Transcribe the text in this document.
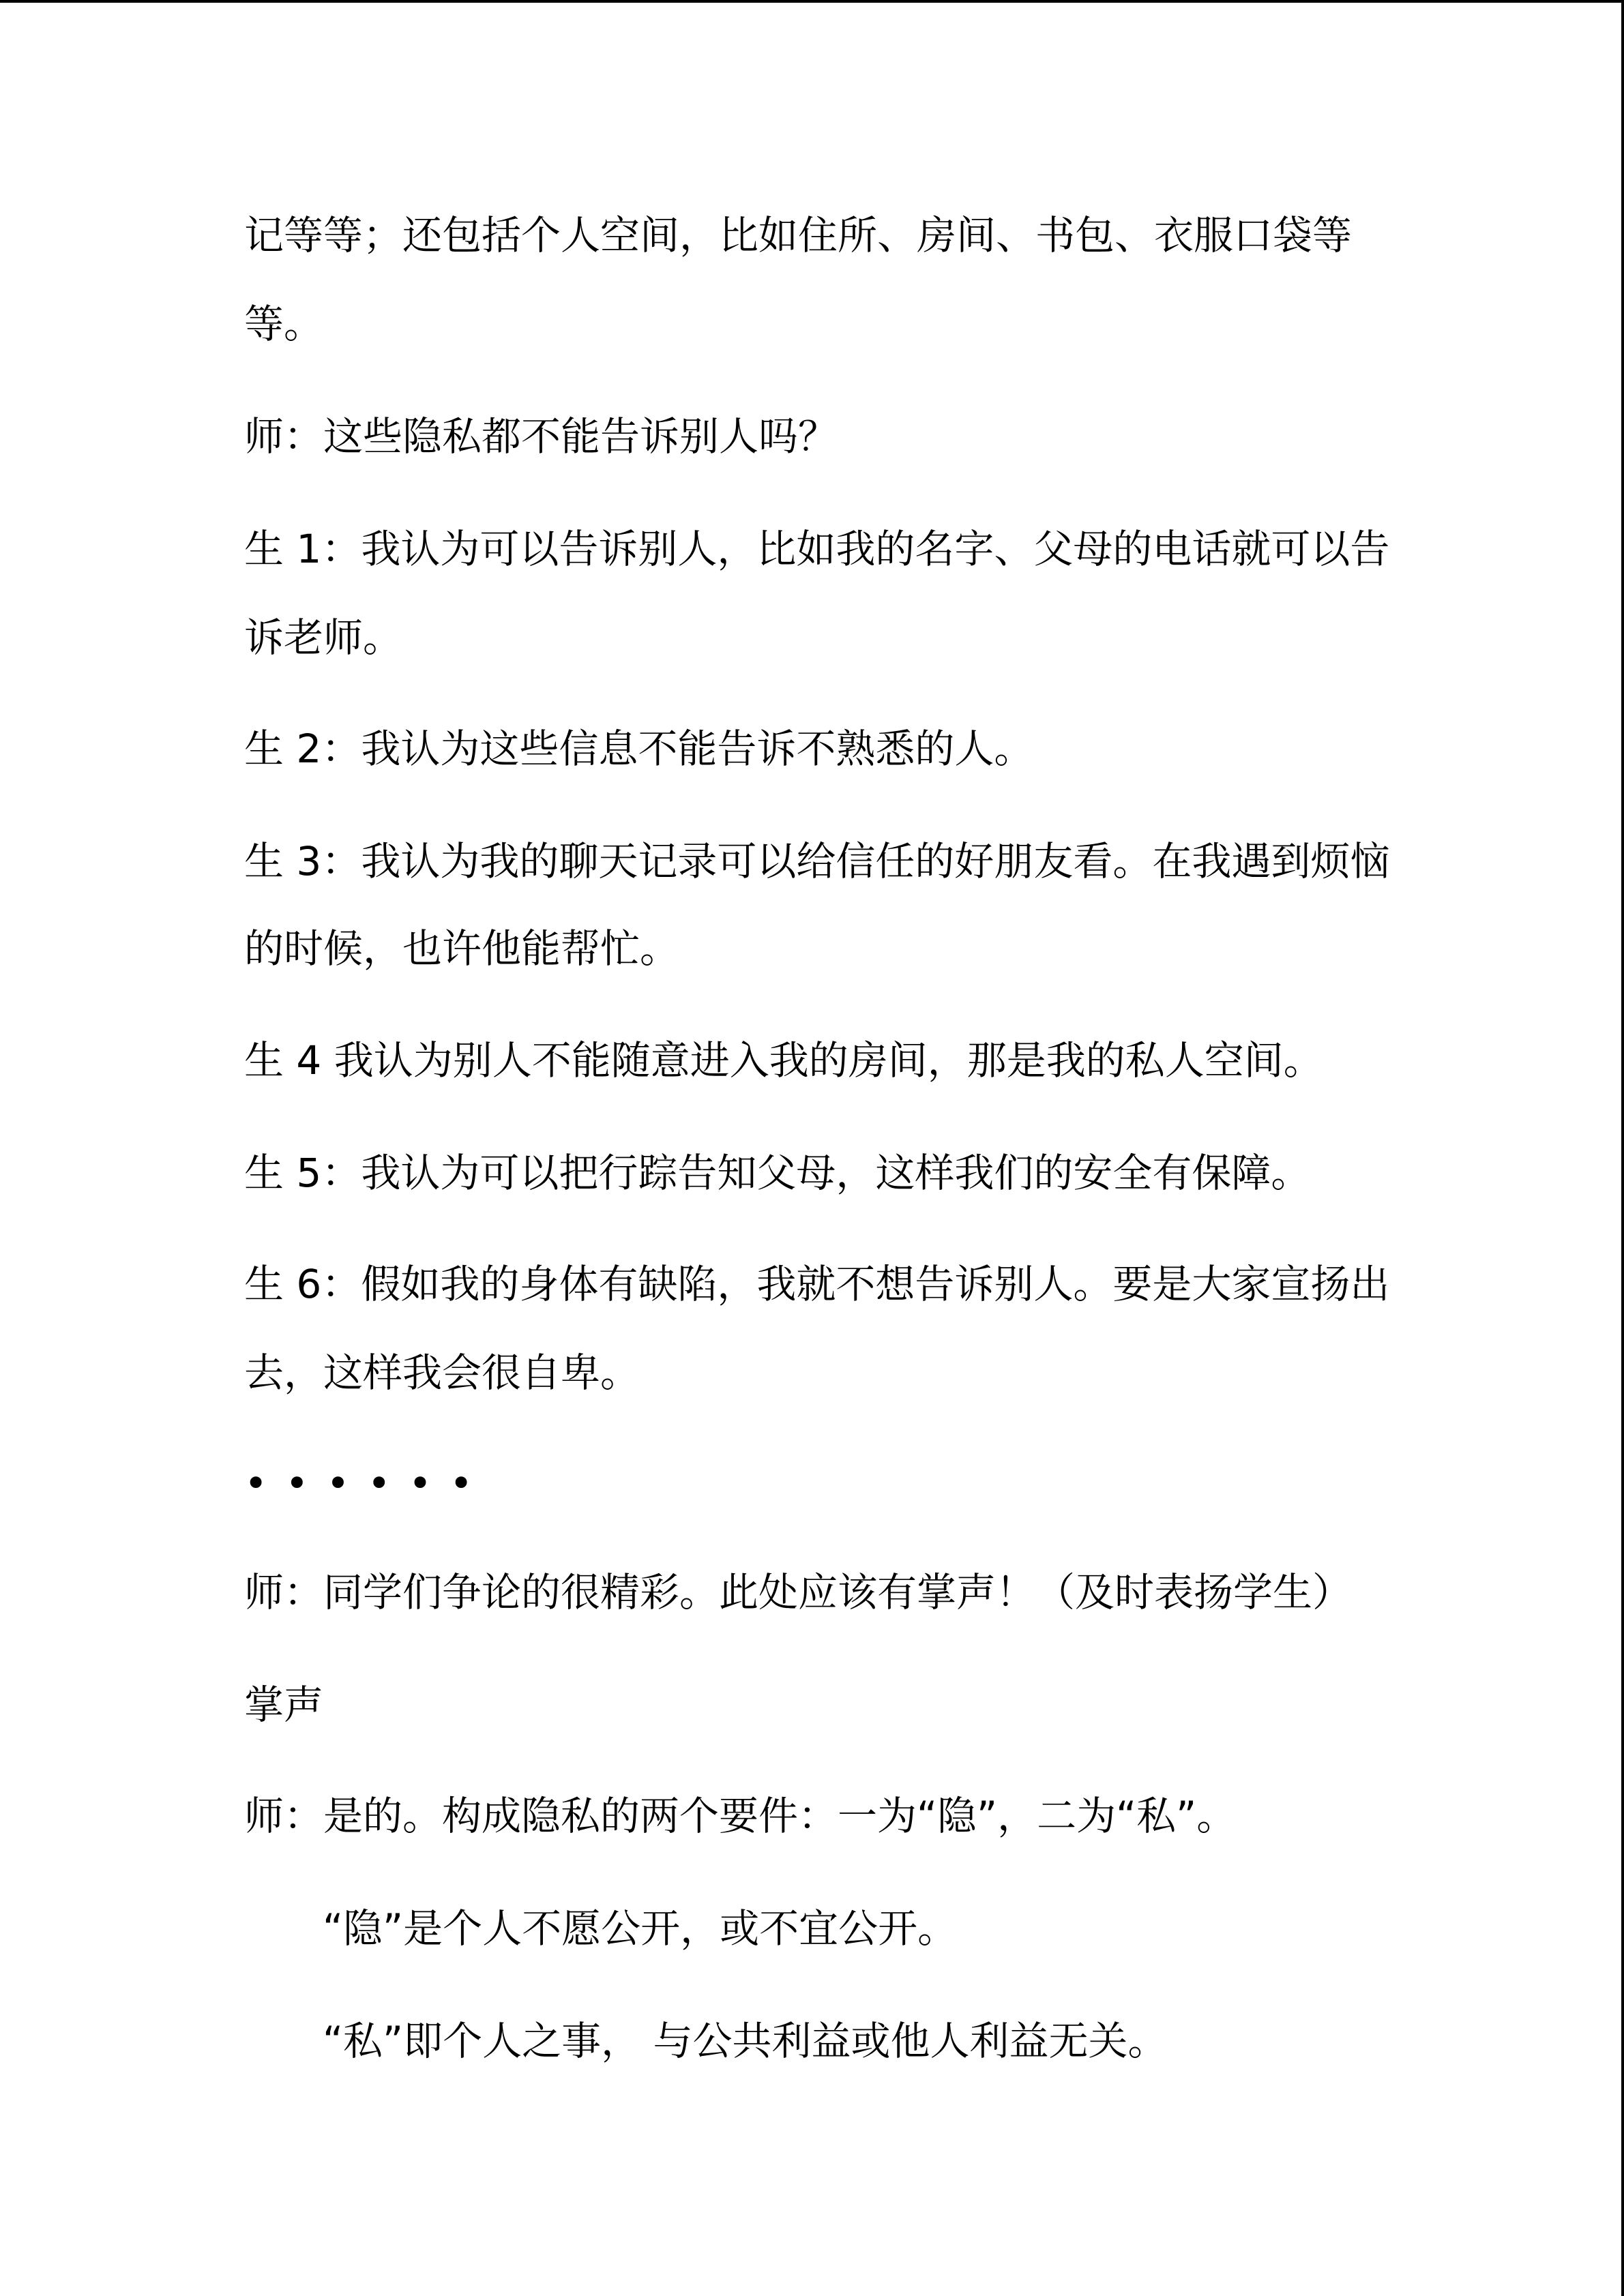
记等等；还包括个人空间，比如住所、房间、书包、衣服口袋等
等。
师：这些隐私都不能告诉别人吗？
生 1：我认为可以告诉别人，比如我的名字、父母的电话就可以告
诉老师。
生 2：我认为这些信息不能告诉不熟悉的人。
生 3：我认为我的聊天记录可以给信任的好朋友看。在我遇到烦恼
的时候，也许他能帮忙。
生 4 我认为别人不能随意进入我的房间，那是我的私人空间。
生 5：我认为可以把行踪告知父母，这样我们的安全有保障。
生 6：假如我的身体有缺陷，我就不想告诉别人。要是大家宣扬出
去，这样我会很自卑。
••••••
师：同学们争论的很精彩。此处应该有掌声！（及时表扬学生）
掌声
师：是的。构成隐私的两个要件：一为“隐”，二为“私”。
“隐”是个人不愿公开，或不宜公开。
“私”即个人之事， 与公共利益或他人利益无关。
